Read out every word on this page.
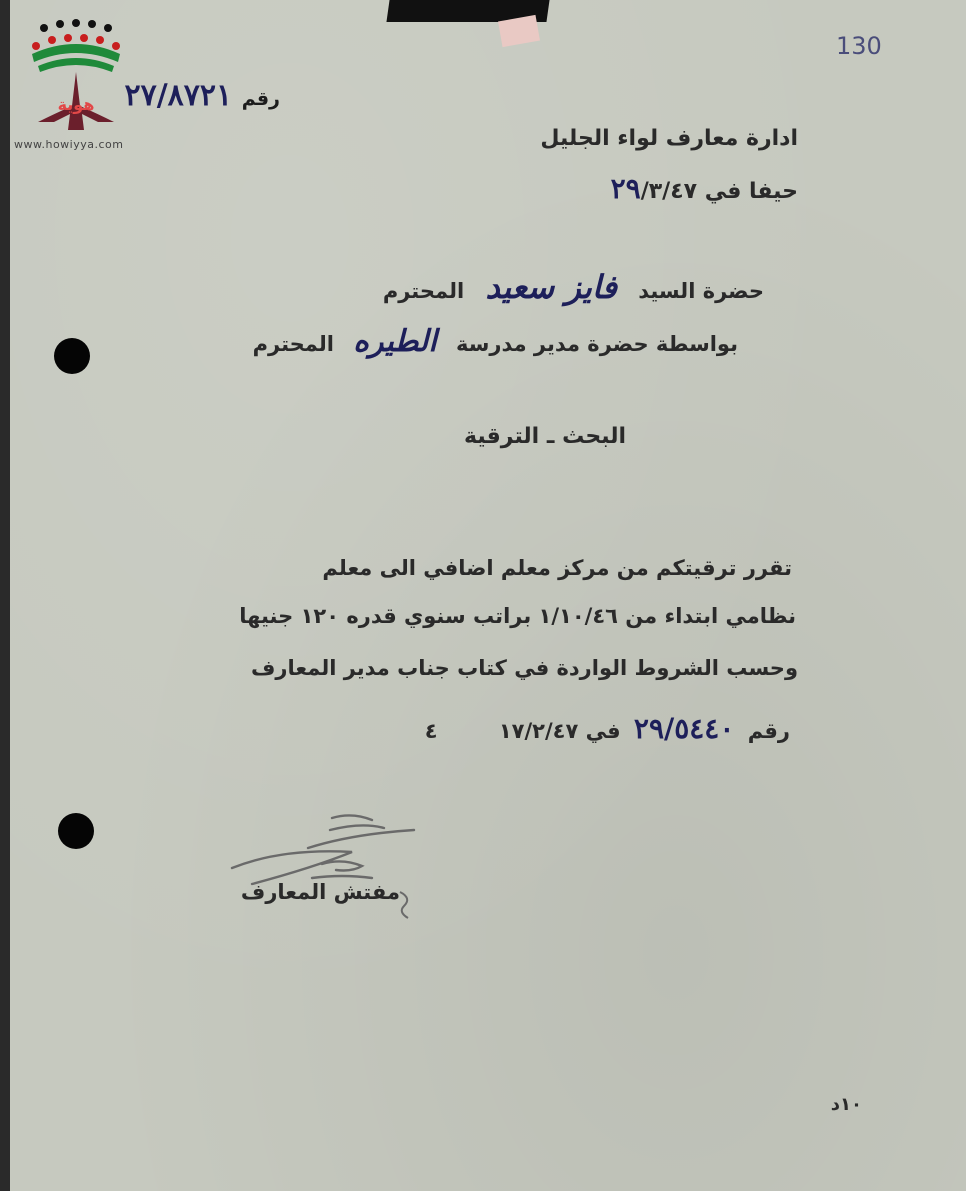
هوية
www.howiyya.com
130
رقم ٢٧/٨٧٢١
ادارة معارف لواء الجليل
حيفا في ٢٩/٣/٤٧
حضرة السيد فايز سعيد المحترم
بواسطة حضرة مدير مدرسة الطيره المحترم
البحث ـ الترقية
تقرر ترقيتكم من مركز معلم اضافي الى معلم
نظامي ابتداء من ١/١٠/٤٦ براتب سنوي قدره ١٢٠ جنيها
وحسب الشروط الواردة في كتاب جناب مدير المعارف
رقم ٢٩/٥٤٤٠ في ١٧/٢/٤٧ ٤
مفتش المعارف
١٠د
